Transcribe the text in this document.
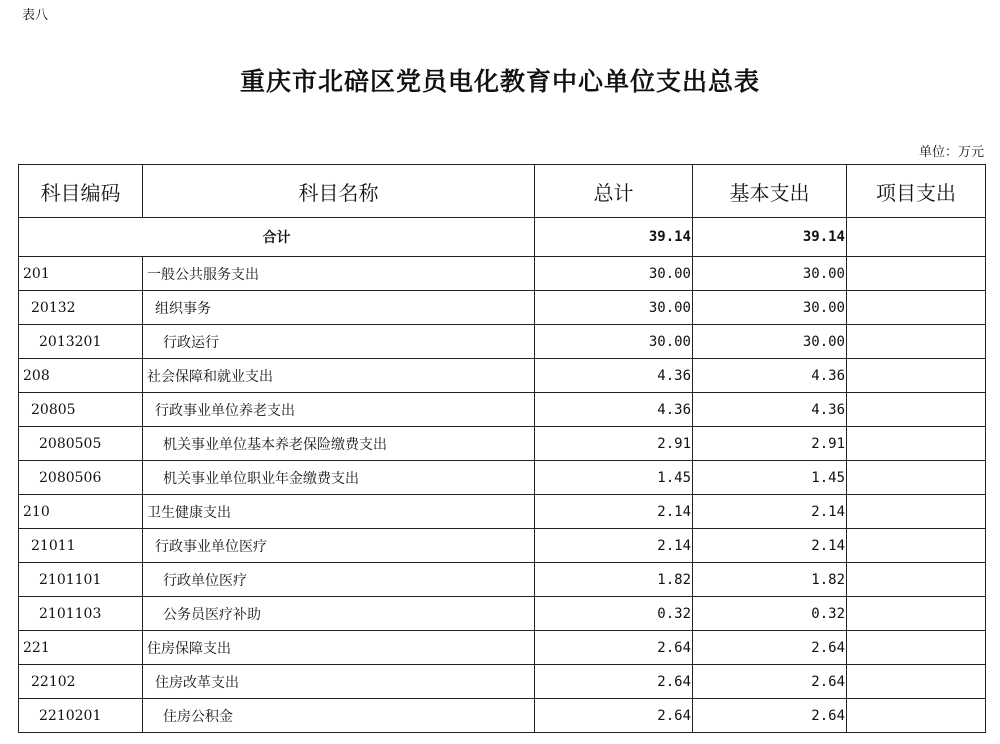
表八
重庆市北碚区党员电化教育中心单位支出总表
单位：万元
科目编码	科目名称	总计	基本支出	项目支出
合计		39.14	39.14	
201	一般公共服务支出	30.00	30.00	
20132	组织事务	30.00	30.00	
2013201	行政运行	30.00	30.00	
208	社会保障和就业支出	4.36	4.36	
20805	行政事业单位养老支出	4.36	4.36	
2080505	机关事业单位基本养老保险缴费支出	2.91	2.91	
2080506	机关事业单位职业年金缴费支出	1.45	1.45	
210	卫生健康支出	2.14	2.14	
21011	行政事业单位医疗	2.14	2.14	
2101101	行政单位医疗	1.82	1.82	
2101103	公务员医疗补助	0.32	0.32	
221	住房保障支出	2.64	2.64	
22102	住房改革支出	2.64	2.64	
2210201	住房公积金	2.64	2.64	
